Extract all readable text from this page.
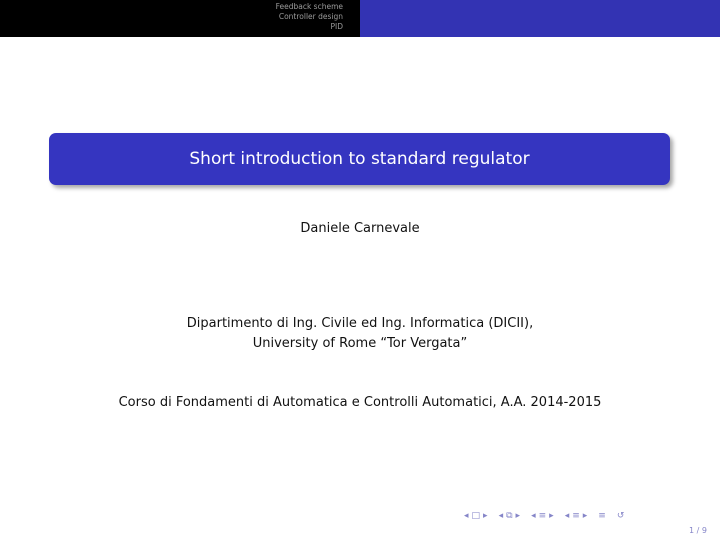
Feedback scheme
Controller design
PID
Short introduction to standard regulator
Daniele Carnevale
Dipartimento di Ing. Civile ed Ing. Informatica (DICII),
University of Rome “Tor Vergata”
Corso di Fondamenti di Automatica e Controlli Automatici, A.A. 2014-2015
◂ □ ▸ ◂ ⧉ ▸ ◂ ≡ ▸ ◂ ≡ ▸ ≡ ↺
1 / 9
